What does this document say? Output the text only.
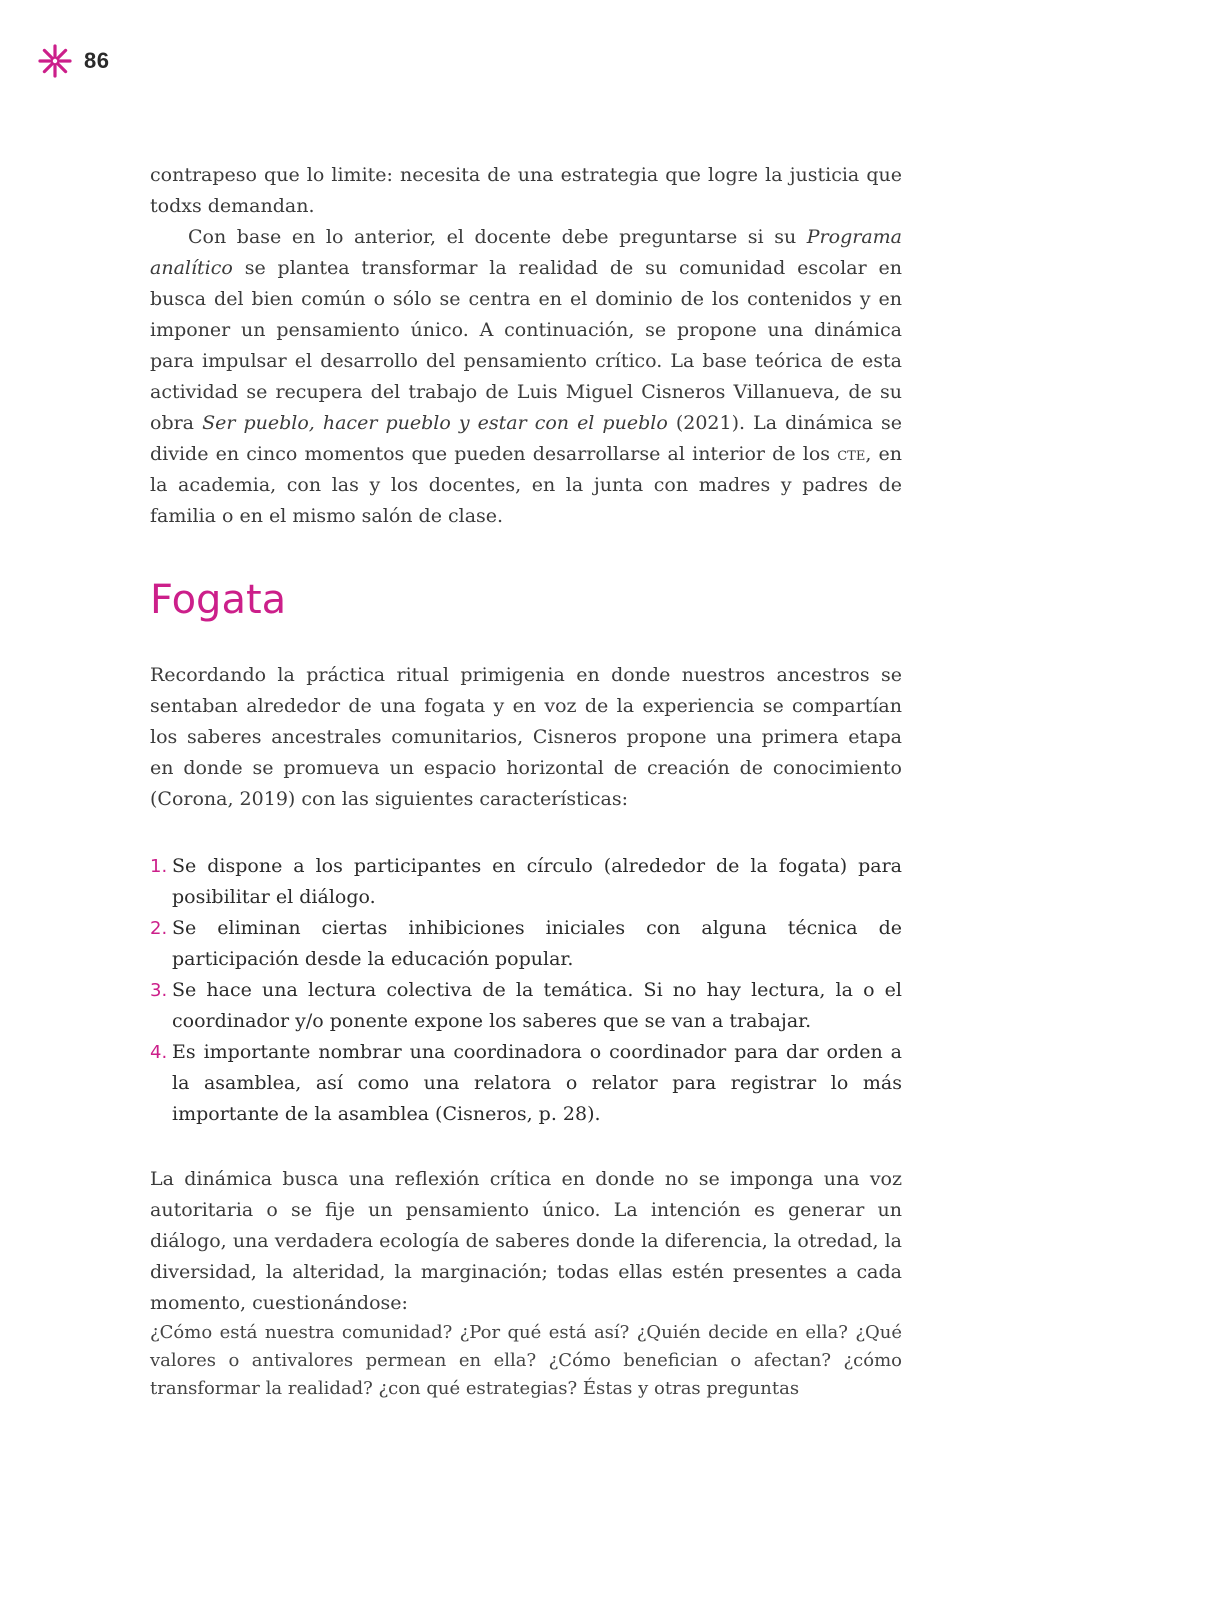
86

contrapeso que lo limite: necesita de una estrategia que logre la justicia que todxs demandan.

Con base en lo anterior, el docente debe preguntarse si su Programa analítico se plantea transformar la realidad de su comunidad escolar en busca del bien común o sólo se centra en el dominio de los contenidos y en imponer un pensamiento único. A continuación, se propone una dinámica para impulsar el desarrollo del pensamiento crítico. La base teórica de esta actividad se recupera del trabajo de Luis Miguel Cisneros Villanueva, de su obra Ser pueblo, hacer pueblo y estar con el pueblo (2021). La dinámica se divide en cinco momentos que pueden desarrollarse al interior de los cte, en la academia, con las y los docentes, en la junta con madres y padres de familia o en el mismo salón de clase.

Fogata

Recordando la práctica ritual primigenia en donde nuestros ancestros se sentaban alrededor de una fogata y en voz de la experiencia se compartían los saberes ancestrales comunitarios, Cisneros propone una primera etapa en donde se promueva un espacio horizontal de creación de conocimiento (Corona, 2019) con las siguientes características:

1. Se dispone a los participantes en círculo (alrededor de la fogata) para posibilitar el diálogo.
2. Se eliminan ciertas inhibiciones iniciales con alguna técnica de participación desde la educación popular.
3. Se hace una lectura colectiva de la temática. Si no hay lectura, la o el coordinador y/o ponente expone los saberes que se van a trabajar.
4. Es importante nombrar una coordinadora o coordinador para dar orden a la asamblea, así como una relatora o relator para registrar lo más importante de la asamblea (Cisneros, p. 28).

La dinámica busca una reflexión crítica en donde no se imponga una voz autoritaria o se fije un pensamiento único. La intención es generar un diálogo, una verdadera ecología de saberes donde la diferencia, la otredad, la diversidad, la alteridad, la marginación; todas ellas estén presentes a cada momento, cuestionándose:

¿Cómo está nuestra comunidad? ¿Por qué está así? ¿Quién decide en ella? ¿Qué valores o antivalores permean en ella? ¿Cómo benefician o afectan? ¿cómo transformar la realidad? ¿con qué estrategias? Éstas y otras preguntas
